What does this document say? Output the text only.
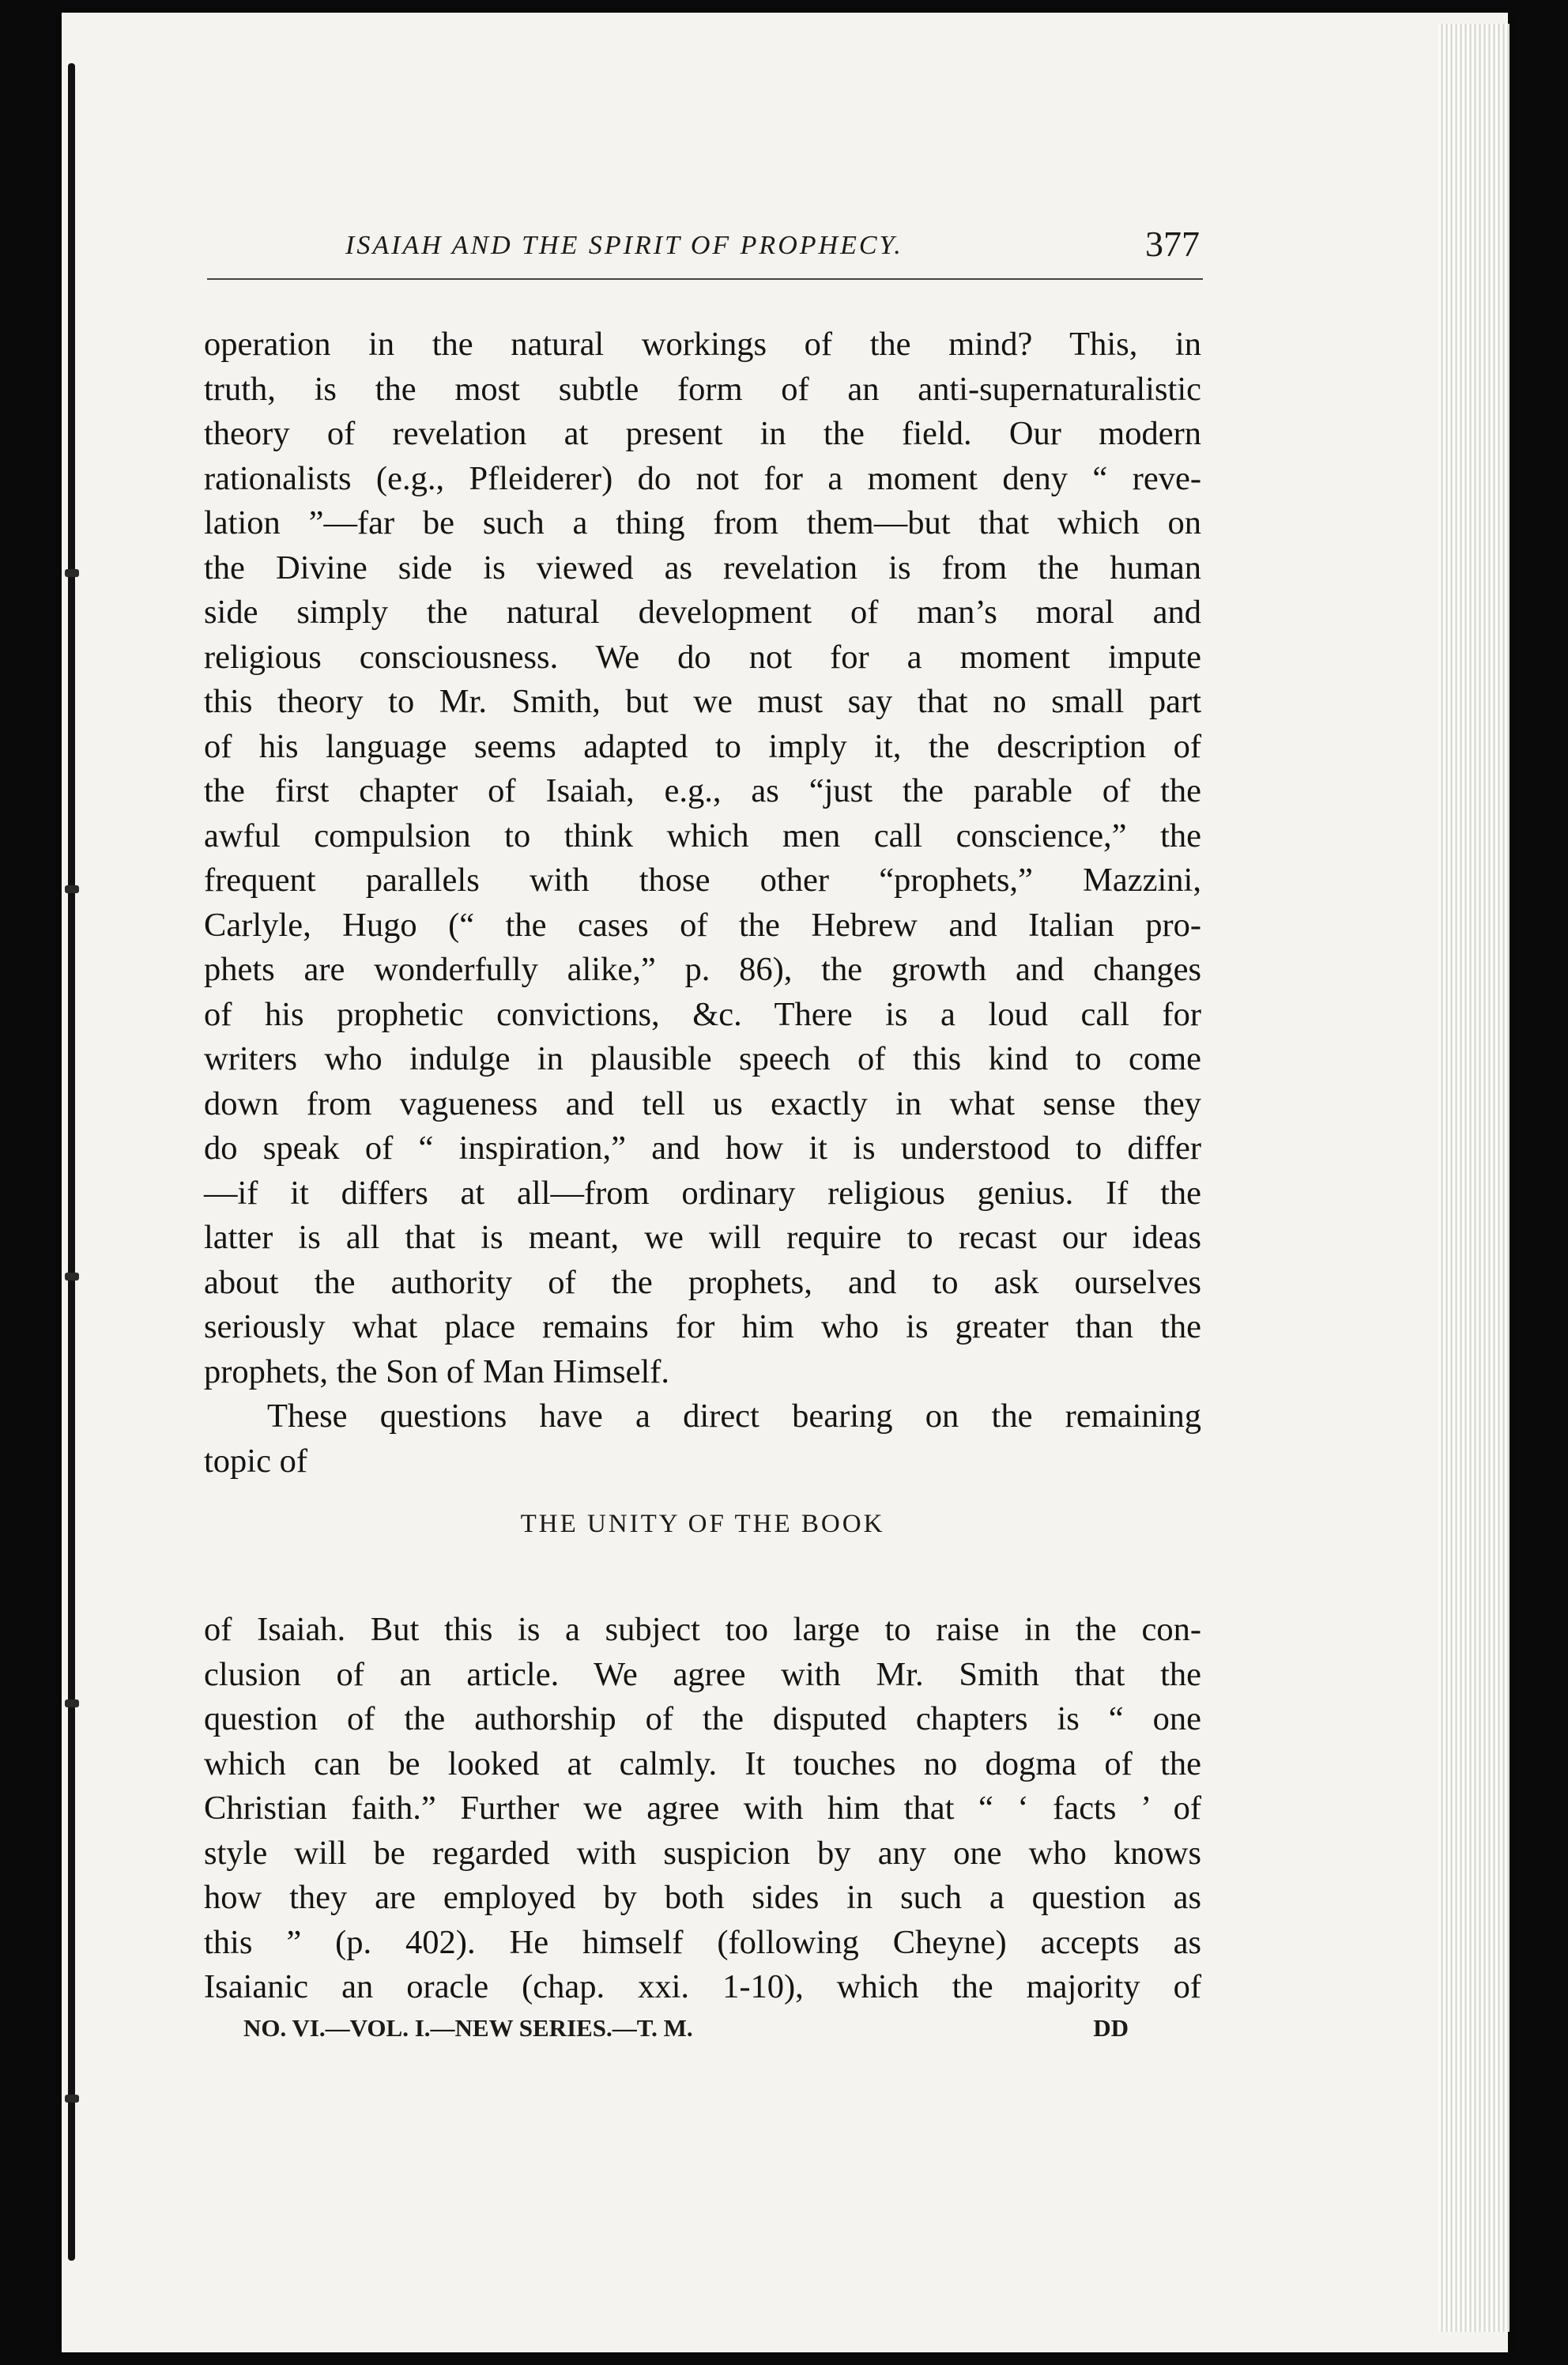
ISAIAH AND THE SPIRIT OF PROPHECY.	377
operation in the natural workings of the mind? This, in
truth, is the most subtle form of an anti-supernaturalistic
theory of revelation at present in the field. Our modern
rationalists (e.g., Pfleiderer) do not for a moment deny “ reve-
lation ”—far be such a thing from them—but that which on
the Divine side is viewed as revelation is from the human
side simply the natural development of man’s moral and
religious consciousness. We do not for a moment impute
this theory to Mr. Smith, but we must say that no small part
of his language seems adapted to imply it, the description of
the first chapter of Isaiah, e.g., as “just the parable of the
awful compulsion to think which men call conscience,” the
frequent parallels with those other “prophets,” Mazzini,
Carlyle, Hugo (“ the cases of the Hebrew and Italian pro-
phets are wonderfully alike,” p. 86), the growth and changes
of his prophetic convictions, &c. There is a loud call for
writers who indulge in plausible speech of this kind to come
down from vagueness and tell us exactly in what sense they
do speak of “ inspiration,” and how it is understood to differ
—if it differs at all—from ordinary religious genius. If the
latter is all that is meant, we will require to recast our ideas
about the authority of the prophets, and to ask ourselves
seriously what place remains for him who is greater than the
prophets, the Son of Man Himself.
These questions have a direct bearing on the remaining
topic of
THE UNITY OF THE BOOK
of Isaiah. But this is a subject too large to raise in the con-
clusion of an article. We agree with Mr. Smith that the
question of the authorship of the disputed chapters is “ one
which can be looked at calmly. It touches no dogma of the
Christian faith.” Further we agree with him that “ ‘ facts ’ of
style will be regarded with suspicion by any one who knows
how they are employed by both sides in such a question as
this ” (p. 402). He himself (following Cheyne) accepts as
Isaianic an oracle (chap. xxi. 1-10), which the majority of
NO. VI.—VOL. I.—NEW SERIES.—T. M.	DD
